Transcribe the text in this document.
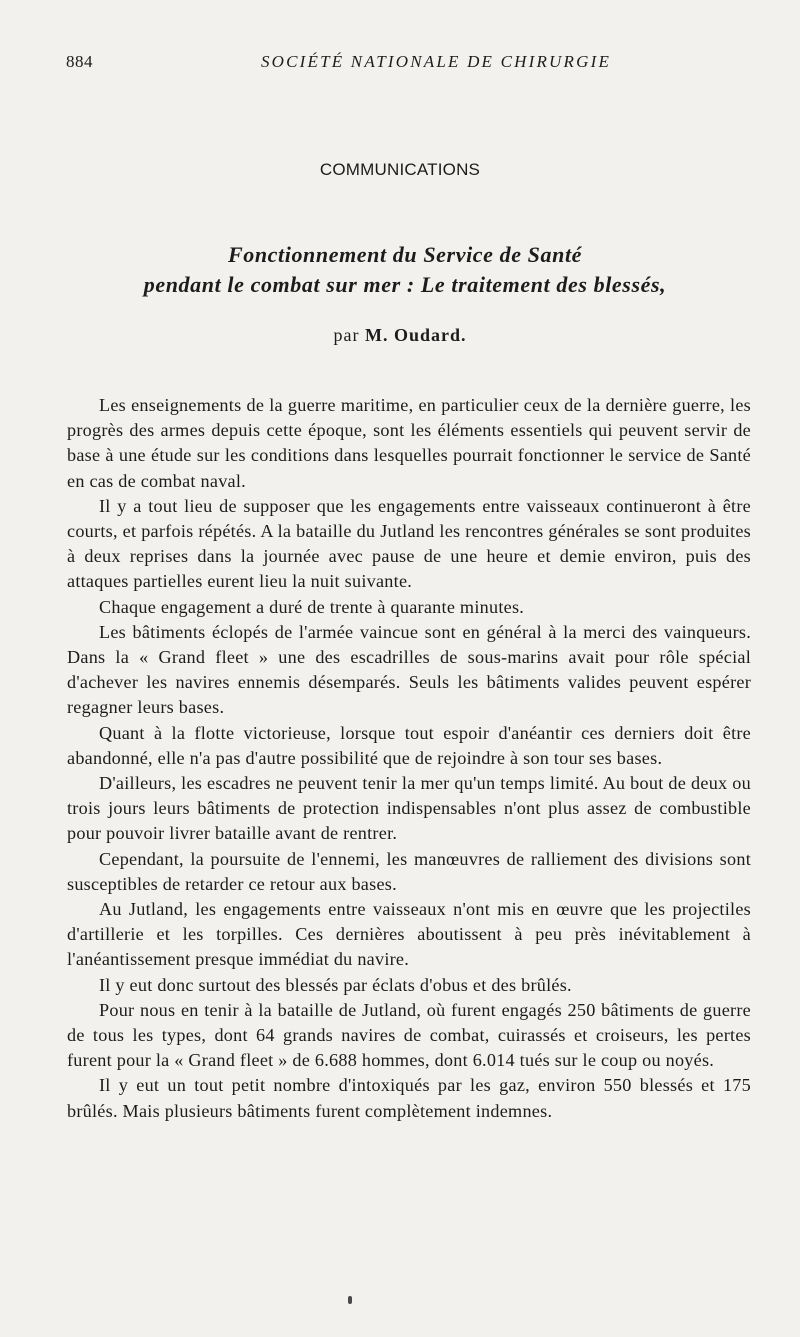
884	SOCIÉTÉ NATIONALE DE CHIRURGIE
COMMUNICATIONS
Fonctionnement du Service de Santé
pendant le combat sur mer : Le traitement des blessés,
par M. Oudard.

Les enseignements de la guerre maritime, en particulier ceux de la dernière guerre, les progrès des armes depuis cette époque, sont les éléments essentiels qui peuvent servir de base à une étude sur les conditions dans lesquelles pourrait fonctionner le service de Santé en cas de combat naval.

Il y a tout lieu de supposer que les engagements entre vaisseaux continueront à être courts, et parfois répétés. A la bataille du Jutland les rencontres générales se sont produites à deux reprises dans la journée avec pause de une heure et demie environ, puis des attaques partielles eurent lieu la nuit suivante.

Chaque engagement a duré de trente à quarante minutes.

Les bâtiments éclopés de l'armée vaincue sont en général à la merci des vainqueurs. Dans la « Grand fleet » une des escadrilles de sous-marins avait pour rôle spécial d'achever les navires ennemis désemparés. Seuls les bâtiments valides peuvent espérer regagner leurs bases.

Quant à la flotte victorieuse, lorsque tout espoir d'anéantir ces derniers doit être abandonné, elle n'a pas d'autre possibilité que de rejoindre à son tour ses bases.

D'ailleurs, les escadres ne peuvent tenir la mer qu'un temps limité. Au bout de deux ou trois jours leurs bâtiments de protection indispensables n'ont plus assez de combustible pour pouvoir livrer bataille avant de rentrer.

Cependant, la poursuite de l'ennemi, les manœuvres de ralliement des divisions sont susceptibles de retarder ce retour aux bases.

Au Jutland, les engagements entre vaisseaux n'ont mis en œuvre que les projectiles d'artillerie et les torpilles. Ces dernières aboutissent à peu près inévitablement à l'anéantissement presque immédiat du navire.

Il y eut donc surtout des blessés par éclats d'obus et des brûlés.

Pour nous en tenir à la bataille de Jutland, où furent engagés 250 bâtiments de guerre de tous les types, dont 64 grands navires de combat, cuirassés et croiseurs, les pertes furent pour la « Grand fleet » de 6.688 hommes, dont 6.014 tués sur le coup ou noyés.

Il y eut un tout petit nombre d'intoxiqués par les gaz, environ 550 blessés et 175 brûlés. Mais plusieurs bâtiments furent complètement indemnes.
